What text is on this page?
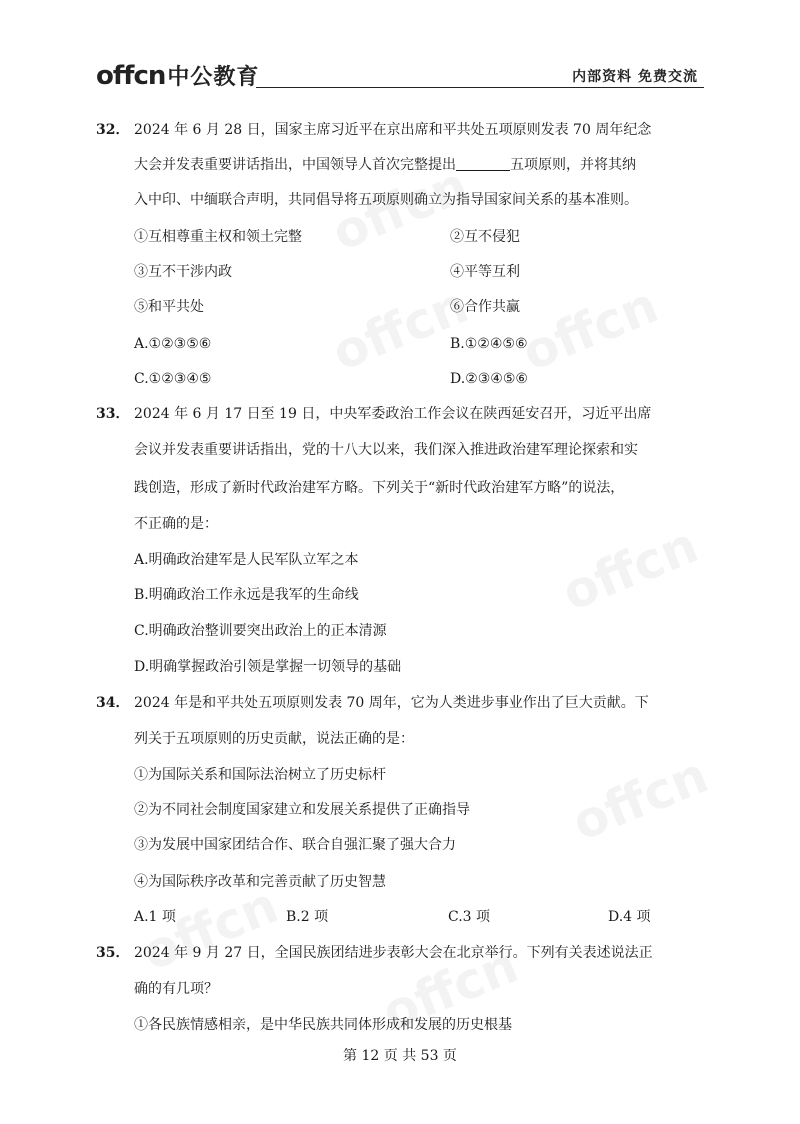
offcn中公教育	内部资料 免费交流
32． 2024 年 6 月 28 日，国家主席习近平在京出席和平共处五项原则发表 70 周年纪念
大会并发表重要讲话指出，中国领导人首次完整提出	五项原则，并将其纳
入中印、中缅联合声明，共同倡导将五项原则确立为指导国家间关系的基本准则。
①互相尊重主权和领土完整	②互不侵犯
③互不干涉内政	④平等互利
⑤和平共处	⑥合作共赢
A.①②③⑤⑥	B.①②④⑤⑥
C.①②③④⑤	D.②③④⑤⑥
33． 2024 年 6 月 17 日至 19 日，中央军委政治工作会议在陕西延安召开，习近平出席
会议并发表重要讲话指出，党的十八大以来，我们深入推进政治建军理论探索和实
践创造，形成了新时代政治建军方略。下列关于“新时代政治建军方略”的说法，
不正确的是：
A.明确政治建军是人民军队立军之本
B.明确政治工作永远是我军的生命线
C.明确政治整训要突出政治上的正本清源
D.明确掌握政治引领是掌握一切领导的基础
34． 2024 年是和平共处五项原则发表 70 周年，它为人类进步事业作出了巨大贡献。下
列关于五项原则的历史贡献，说法正确的是：
①为国际关系和国际法治树立了历史标杆
②为不同社会制度国家建立和发展关系提供了正确指导
③为发展中国家团结合作、联合自强汇聚了强大合力
④为国际秩序改革和完善贡献了历史智慧
A.1 项	B.2 项	C.3 项	D.4 项
35． 2024 年 9 月 27 日，全国民族团结进步表彰大会在北京举行。下列有关表述说法正
确的有几项？
①各民族情感相亲，是中华民族共同体形成和发展的历史根基
第 12 页 共 53 页
